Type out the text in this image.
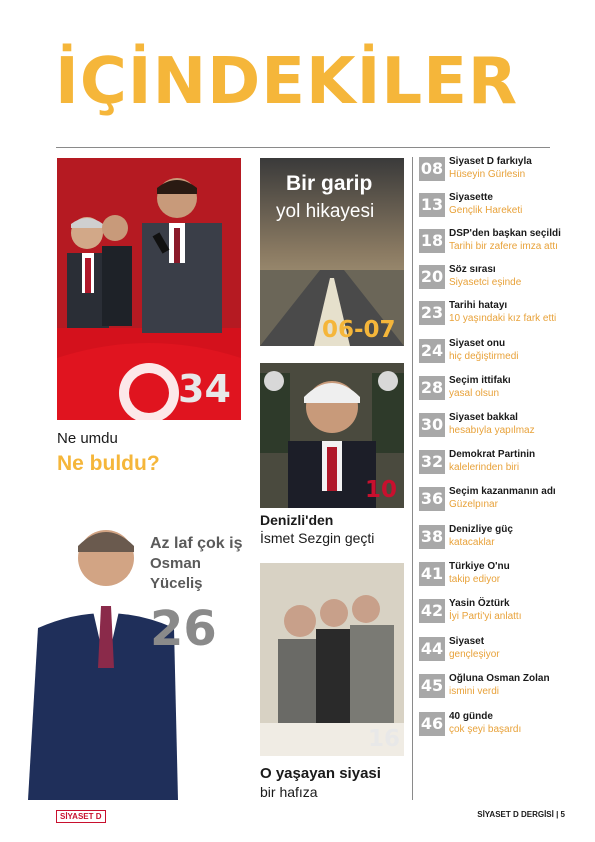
İÇİNDEKİLER
34
Ne umdu
Ne buldu?
Bir garip
yol hikayesi
06-07
10
Denizli'den
İsmet Sezgin geçti
Az laf çok iş
Osman
Yüceliş
26
16
O yaşayan siyasi
bir hafıza
08 Siyaset D farkıyla
Hüseyin Gürlesin
13 Siyasette
Gençlik Hareketi
18 DSP'den başkan seçildi
Tarihi bir zafere imza attı
20 Söz sırası
Siyasetci eşinde
23 Tarihi hatayı
10 yaşındaki kız fark etti
24 Siyaset onu
hiç değiştirmedi
28 Seçim ittifakı
yasal olsun
30 Siyaset bakkal
hesabıyla yapılmaz
32 Demokrat Partinin
kalelerinden biri
36 Seçim kazanmanın adı
Güzelpınar
38 Denizliye güç
katacaklar
41 Türkiye O'nu
takip ediyor
42 Yasin Öztürk
İyi Parti'yi anlattı
44 Siyaset
gençleşiyor
45 Oğluna Osman Zolan
ismini verdi
46 40 günde
çok şeyi başardı
SİYASET D	SİYASET D DERGİSİ | 5
